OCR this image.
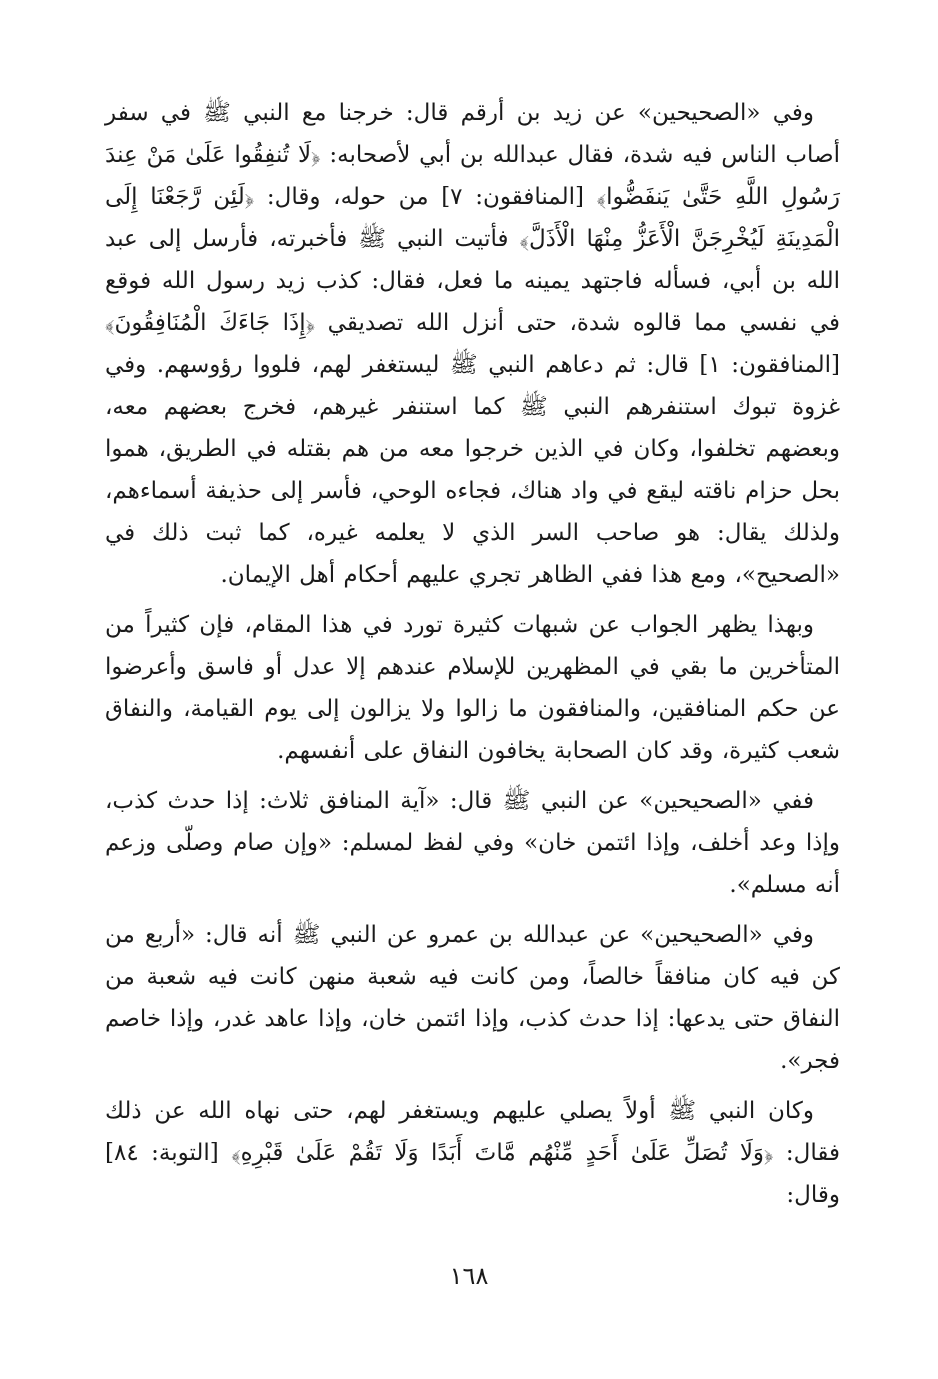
وفي «الصحيحين» عن زيد بن أرقم قال: خرجنا مع النبي ﷺ في سفر أصاب الناس فيه شدة، فقال عبدالله بن أبي لأصحابه: ﴿لَا تُنفِقُوا عَلَىٰ مَنْ عِندَ رَسُولِ اللَّهِ حَتَّىٰ يَنفَضُّوا﴾ [المنافقون: ٧] من حوله، وقال: ﴿لَئِن رَّجَعْنَا إِلَى الْمَدِينَةِ لَيُخْرِجَنَّ الْأَعَزُّ مِنْهَا الْأَذَلَّ﴾ فأتيت النبي ﷺ فأخبرته، فأرسل إلى عبد الله بن أبي، فسأله فاجتهد يمينه ما فعل، فقال: كذب زيد رسول الله فوقع في نفسي مما قالوه شدة، حتى أنزل الله تصديقي ﴿إِذَا جَاءَكَ الْمُنَافِقُونَ﴾ [المنافقون: ١] قال: ثم دعاهم النبي ﷺ ليستغفر لهم، فلووا رؤوسهم. وفي غزوة تبوك استنفرهم النبي ﷺ كما استنفر غيرهم، فخرج بعضهم معه، وبعضهم تخلفوا، وكان في الذين خرجوا معه من هم بقتله في الطريق، هموا بحل حزام ناقته ليقع في واد هناك، فجاءه الوحي، فأسر إلى حذيفة أسماءهم، ولذلك يقال: هو صاحب السر الذي لا يعلمه غيره، كما ثبت ذلك في «الصحيح»، ومع هذا ففي الظاهر تجري عليهم أحكام أهل الإيمان.

وبهذا يظهر الجواب عن شبهات كثيرة تورد في هذا المقام، فإن كثيراً من المتأخرين ما بقي في المظهرين للإسلام عندهم إلا عدل أو فاسق وأعرضوا عن حكم المنافقين، والمنافقون ما زالوا ولا يزالون إلى يوم القيامة، والنفاق شعب كثيرة، وقد كان الصحابة يخافون النفاق على أنفسهم.

ففي «الصحيحين» عن النبي ﷺ قال: «آية المنافق ثلاث: إذا حدث كذب، وإذا وعد أخلف، وإذا ائتمن خان» وفي لفظ لمسلم: «وإن صام وصلّى وزعم أنه مسلم».

وفي «الصحيحين» عن عبدالله بن عمرو عن النبي ﷺ أنه قال: «أربع من كن فيه كان منافقاً خالصاً، ومن كانت فيه شعبة منهن كانت فيه شعبة من النفاق حتى يدعها: إذا حدث كذب، وإذا ائتمن خان، وإذا عاهد غدر، وإذا خاصم فجر».

وكان النبي ﷺ أولاً يصلي عليهم ويستغفر لهم، حتى نهاه الله عن ذلك فقال: ﴿وَلَا تُصَلِّ عَلَىٰ أَحَدٍ مِّنْهُم مَّاتَ أَبَدًا وَلَا تَقُمْ عَلَىٰ قَبْرِهِ﴾ [التوبة: ٨٤] وقال:

١٦٨
